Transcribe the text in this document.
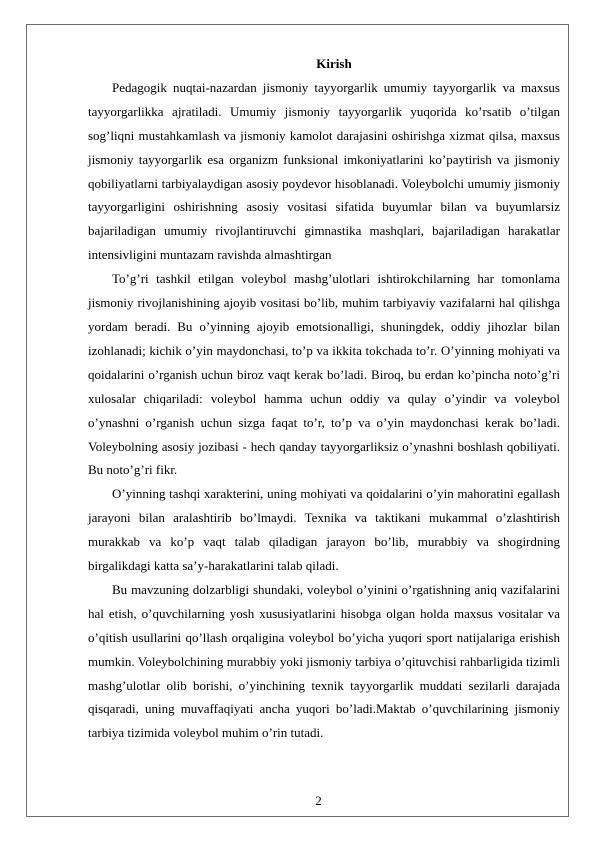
Kirish

Pedagogik nuqtai-nazardan jismoniy tayyorgarlik umumiy tayyorgarlik va maxsus tayyorgarlikka ajratiladi. Umumiy jismoniy tayyorgarlik yuqorida ko’rsatib o’tilgan sog’liqni mustahkamlash va jismoniy kamolot darajasini oshirishga xizmat qilsa, maxsus jismoniy tayyorgarlik esa organizm funksional imkoniyatlarini ko’paytirish va jismoniy qobiliyatlarni tarbiyalaydigan asosiy poydevor hisoblanadi. Voleybolchi umumiy jismoniy tayyorgarligini oshirishning asosiy vositasi sifatida buyumlar bilan va buyumlarsiz bajariladigan umumiy rivojlantiruvchi gimnastika mashqlari, bajariladigan harakatlar intensivligini muntazam ravishda almashtirgan

To’g’ri tashkil etilgan voleybol mashg’ulotlari ishtirokchilarning har tomonlama jismoniy rivojlanishining ajoyib vositasi bo’lib, muhim tarbiyaviy vazifalarni hal qilishga yordam beradi. Bu o’yinning ajoyib emotsionalligi, shuningdek, oddiy jihozlar bilan izohlanadi; kichik o’yin maydonchasi, to’p va ikkita tokchada to’r. O’yinning mohiyati va qoidalarini o’rganish uchun biroz vaqt kerak bo’ladi. Biroq, bu erdan ko’pincha noto’g’ri xulosalar chiqariladi: voleybol hamma uchun oddiy va qulay o’yindir va voleybol o’ynashni o’rganish uchun sizga faqat to’r, to’p va o’yin maydonchasi kerak bo’ladi. Voleybolning asosiy jozibasi - hech qanday tayyorgarliksiz o’ynashni boshlash qobiliyati. Bu noto’g’ri fikr.

O’yinning tashqi xarakterini, uning mohiyati va qoidalarini o’yin mahoratini egallash jarayoni bilan aralashtirib bo’lmaydi. Texnika va taktikani mukammal o’zlashtirish murakkab va ko’p vaqt talab qiladigan jarayon bo’lib, murabbiy va shogirdning birgalikdagi katta sa’y-harakatlarini talab qiladi.

Bu mavzuning dolzarbligi shundaki, voleybol o’yinini o’rgatishning aniq vazifalarini hal etish, o’quvchilarning yosh xususiyatlarini hisobga olgan holda maxsus vositalar va o’qitish usullarini qo’llash orqaligina voleybol bo’yicha yuqori sport natijalariga erishish mumkin. Voleybolchining murabbiy yoki jismoniy tarbiya o’qituvchisi rahbarligida tizimli mashg’ulotlar olib borishi, o’yinchining texnik tayyorgarlik muddati sezilarli darajada qisqaradi, uning muvaffaqiyati ancha yuqori bo’ladi.Maktab o’quvchilarining jismoniy tarbiya tizimida voleybol muhim o’rin tutadi.

2
